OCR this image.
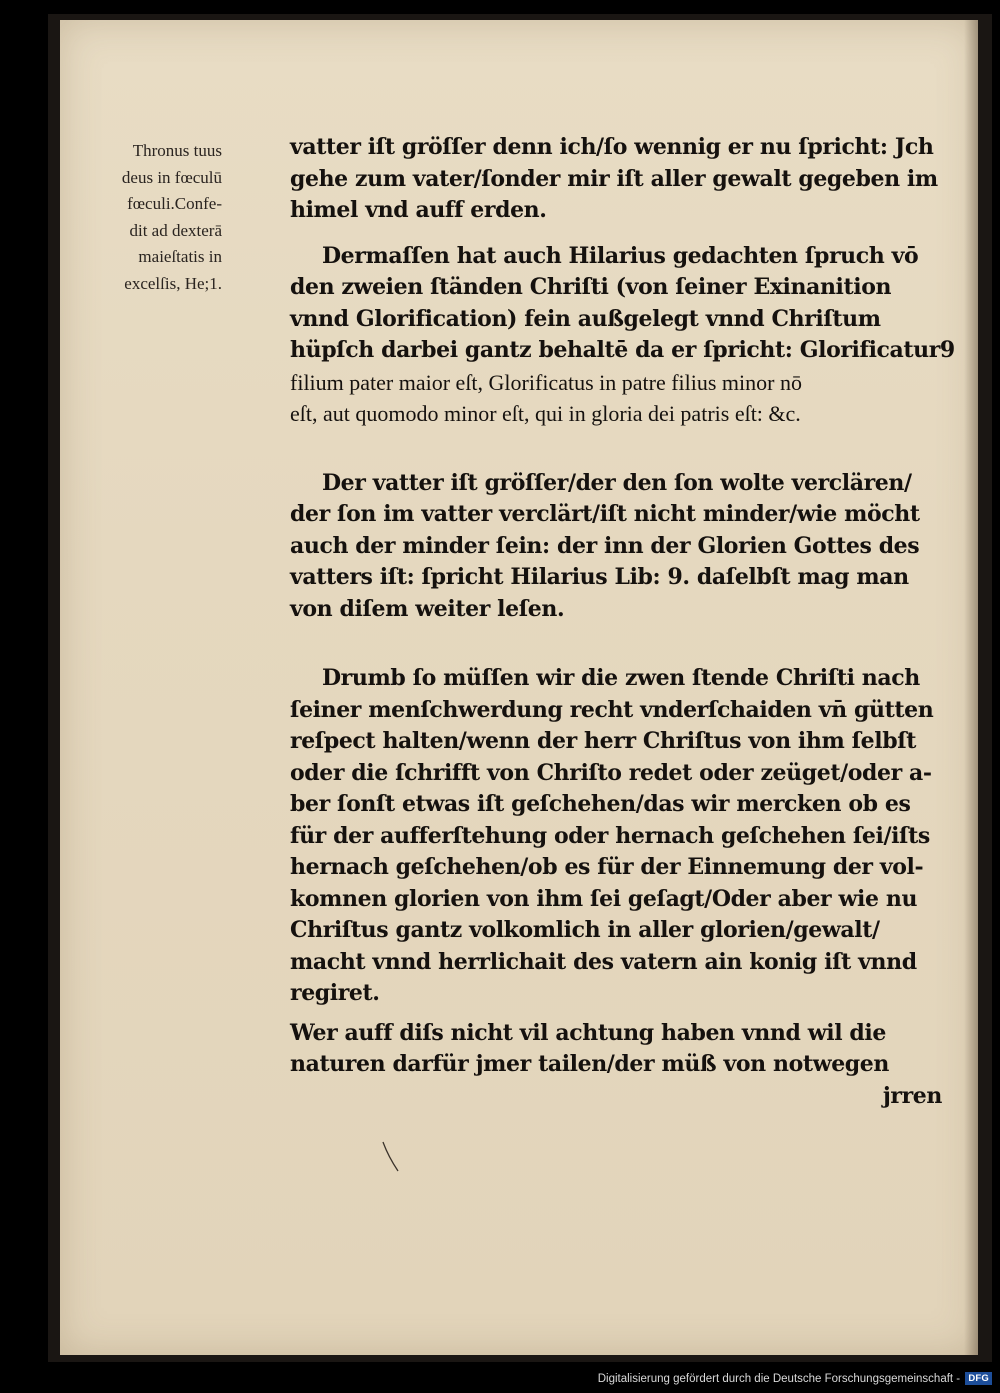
Thronus tuus
deus in fœculū
fœculi.Confe-
dit ad dexterā
maieſtatis in
excelſis, He;1.
vatter iſt gröſſer denn ich/ſo wennig er nu ſpricht: Jch
gehe zum vater/ſonder mir iſt aller gewalt gegeben im
himel vnd auff erden.
Dermaſſen hat auch Hilarius gedachten ſpruch vō
den zweien ſtänden Chriſti (von ſeiner Exinanition
vnnd Glorification) fein außgelegt vnnd Chriſtum
hüpſch darbei gantz behaltē da er ſpricht: Glorificatur9
filium pater maior eſt, Glorificatus in patre filius minor nō
eſt, aut quomodo minor eſt, qui in gloria dei patris eſt: &c.
Der vatter iſt gröſſer/der den ſon wolte verclären/
der ſon im vatter verclärt/iſt nicht minder/wie möcht
auch der minder ſein: der inn der Glorien Gottes des
vatters iſt: ſpricht Hilarius Lib: 9. daſelbſt mag man
von diſem weiter leſen.
Drumb ſo müſſen wir die zwen ſtende Chriſti nach
ſeiner menſchwerdung recht vnderſchaiden vn̄ gütten
reſpect halten/wenn der herr Chriſtus von ihm ſelbſt
oder die ſchrifft von Chriſto redet oder zeüget/oder a-
ber ſonſt etwas iſt geſchehen/das wir mercken ob es
für der aufferſtehung oder hernach geſchehen ſei/iſts
hernach geſchehen/ob es für der Einnemung der vol-
komnen glorien von ihm ſei geſagt/Oder aber wie nu
Chriſtus gantz volkomlich in aller glorien/gewalt/
macht vnnd herrlichait des vatern ain konig iſt vnnd
regiret.
Wer auff diſs nicht vil achtung haben vnnd wil die
naturen darfür jmer tailen/der müß von notwegen
jrren
Digitalisierung gefördert durch die Deutsche Forschungsgemeinschaft - DFG
